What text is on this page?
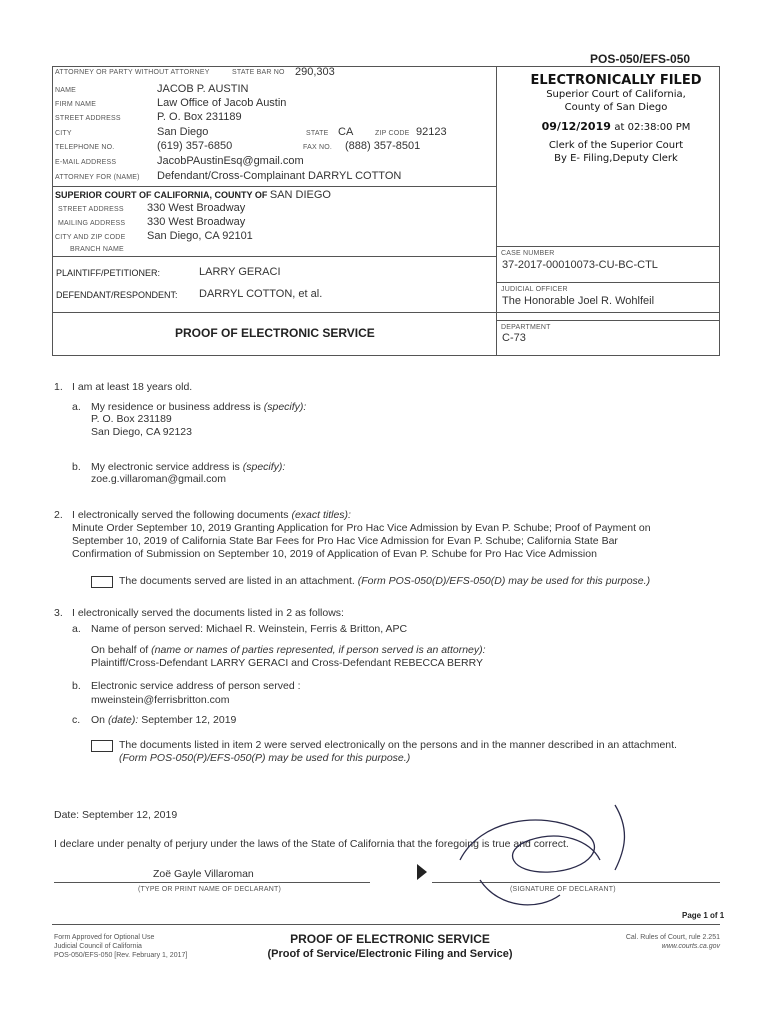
POS-050/EFS-050
ATTORNEY OR PARTY WITHOUT ATTORNEY	STATE BAR NO 290,303
NAME	JACOB P. AUSTIN
FIRM NAME	Law Office of Jacob Austin
STREET ADDRESS	P. O. Box 231189
CITY	San Diego	STATE CA	ZIP CODE 92123
TELEPHONE NO.	(619) 357-6850	FAX NO. (888) 357-8501
E-MAIL ADDRESS	JacobPAustinEsq@gmail.com
ATTORNEY FOR (NAME) Defendant/Cross-Complainant DARRYL COTTON
ELECTRONICALLY FILED
Superior Court of California,
County of San Diego
09/12/2019 at 02:38:00 PM
Clerk of the Superior Court
By E- Filing,Deputy Clerk
SUPERIOR COURT OF CALIFORNIA, COUNTY OF SAN DIEGO
STREET ADDRESS 330 West Broadway
MAILING ADDRESS 330 West Broadway
CITY AND ZIP CODE San Diego, CA 92101
BRANCH NAME
PLAINTIFF/PETITIONER:	LARRY GERACI
DEFENDANT/RESPONDENT: DARRYL COTTON, et al.
CASE NUMBER
37-2017-00010073-CU-BC-CTL
JUDICIAL OFFICER
The Honorable Joel R. Wohlfeil
DEPARTMENT
C-73
PROOF OF ELECTRONIC SERVICE
1. I am at least 18 years old.
a. My residence or business address is (specify):
P. O. Box 231189
San Diego, CA 92123
b. My electronic service address is (specify):
zoe.g.villaroman@gmail.com
2. I electronically served the following documents (exact titles):
Minute Order September 10, 2019 Granting Application for Pro Hac Vice Admission by Evan P. Schube; Proof of Payment on
September 10, 2019 of California State Bar Fees for Pro Hac Vice Admission for Evan P. Schube; California State Bar
Confirmation of Submission on September 10, 2019 of Application of Evan P. Schube for Pro Hac Vice Admission
The documents served are listed in an attachment. (Form POS-050(D)/EFS-050(D) may be used for this purpose.)
3. I electronically served the documents listed in 2 as follows:
a. Name of person served: Michael R. Weinstein, Ferris & Britton, APC
On behalf of (name or names of parties represented, if person served is an attorney):
Plaintiff/Cross-Defendant LARRY GERACI and Cross-Defendant REBECCA BERRY
b. Electronic service address of person served :
mweinstein@ferrisbritton.com
c. On (date): September 12, 2019
The documents listed in item 2 were served electronically on the persons and in the manner described in an attachment.
(Form POS-050(P)/EFS-050(P) may be used for this purpose.)
Date: September 12, 2019
I declare under penalty of perjury under the laws of the State of California that the foregoing is true and correct.
Zoë Gayle Villaroman
(TYPE OR PRINT NAME OF DECLARANT)	(SIGNATURE OF DECLARANT)
Page 1 of 1
Form Approved for Optional Use
Judicial Council of California
POS-050/EFS-050 [Rev. February 1, 2017]
PROOF OF ELECTRONIC SERVICE
(Proof of Service/Electronic Filing and Service)
Cal. Rules of Court, rule 2.251
www.courts.ca.gov
